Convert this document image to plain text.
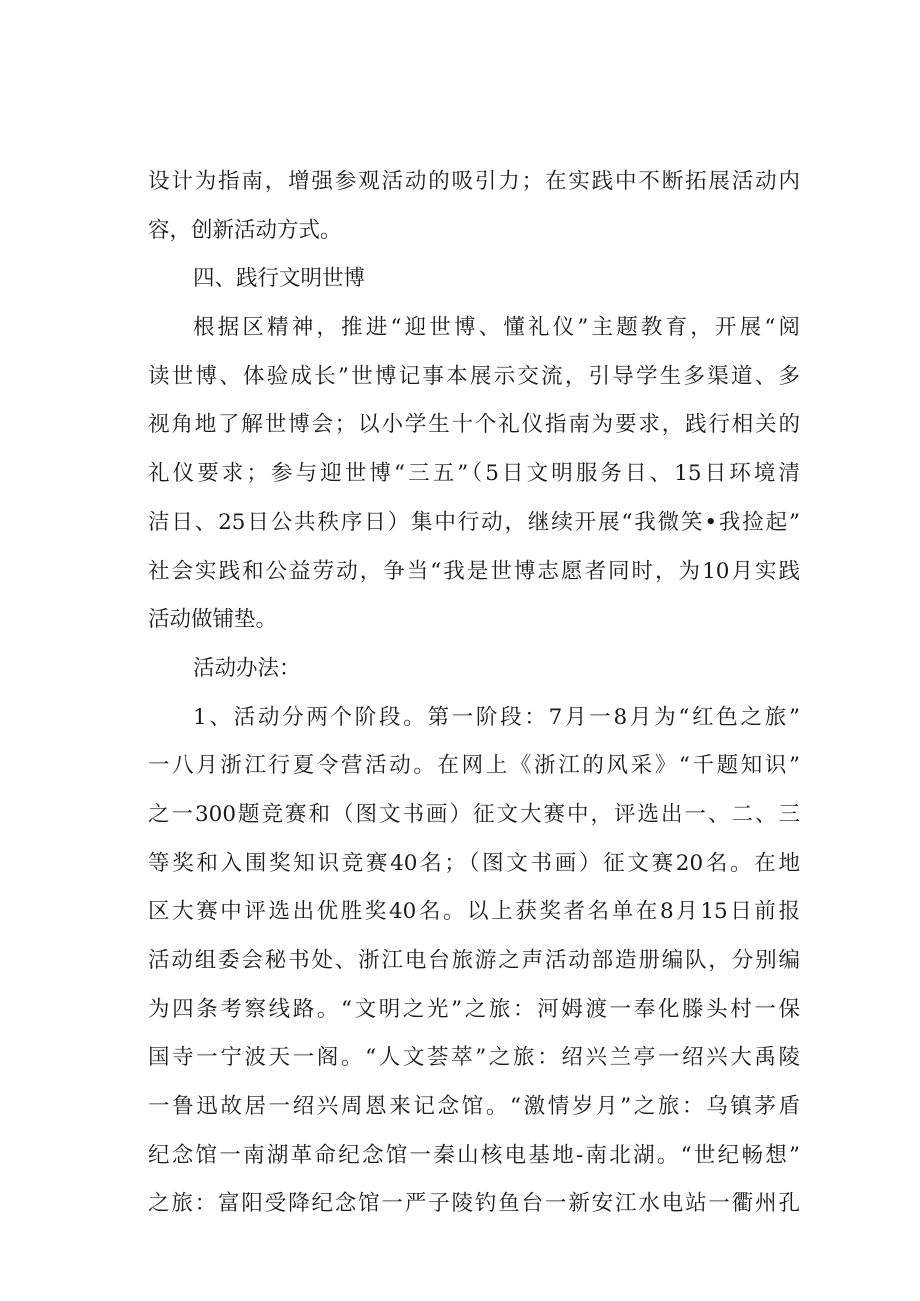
设计为指南，增强参观活动的吸引力；在实践中不断拓展活动内
容，创新活动方式。
四、践行文明世博
根据区精神，推进“迎世博、懂礼仪”主题教育，开展“阅
读世博、体验成长”世博记事本展示交流，引导学生多渠道、多
视角地了解世博会；以小学生十个礼仪指南为要求，践行相关的
礼仪要求；参与迎世博“三五”（5日文明服务日、15日环境清
洁日、25日公共秩序日）集中行动，继续开展“我微笑•我捡起”
社会实践和公益劳动，争当“我是世博志愿者同时，为10月实践
活动做铺垫。
活动办法：
1、活动分两个阶段。第一阶段：7月一8月为“红色之旅”
一八月浙江行夏令营活动。在网上《浙江的风采》“千题知识”
之一300题竞赛和（图文书画）征文大赛中，评选出一、二、三
等奖和入围奖知识竞赛40名；（图文书画）征文赛20名。在地
区大赛中评选出优胜奖40名。以上获奖者名单在8月15日前报
活动组委会秘书处、浙江电台旅游之声活动部造册编队，分别编
为四条考察线路。“文明之光”之旅：河姆渡一奉化滕头村一保
国寺一宁波天一阁。“人文荟萃”之旅：绍兴兰亭一绍兴大禹陵
一鲁迅故居一绍兴周恩来记念馆。“激情岁月”之旅：乌镇茅盾
纪念馆一南湖革命纪念馆一秦山核电基地-南北湖。“世纪畅想”
之旅：富阳受降纪念馆一严子陵钓鱼台一新安江水电站一衢州孔
